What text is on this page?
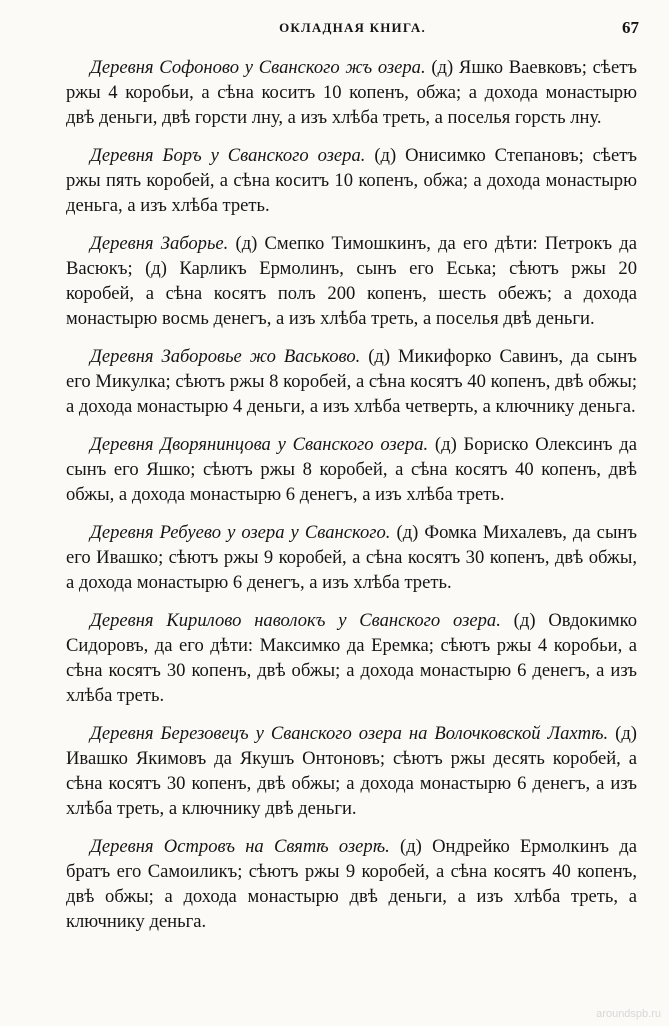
ОКЛАДНАЯ КНИГА.	67

Деревня Софоново у Сванского жъ озера. (д) Яшко Ваевковъ; сѣетъ ржы 4 коробьи, а сѣна коситъ 10 копенъ, обжа; а дохода монастырю двѣ деньги, двѣ горсти лну, а изъ хлѣба треть, а поселья горсть лну.

Деревня Боръ у Сванского озера. (д) Онисимко Степановъ; сѣетъ ржы пять коробей, а сѣна коситъ 10 копенъ, обжа; а дохода монастырю деньга, а изъ хлѣба треть.

Деревня Заборье. (д) Смепко Тимошкинъ, да его дѣти: Петрокъ да Васюкъ; (д) Карликъ Ермолинъ, сынъ его Еська; сѣютъ ржы 20 коробей, а сѣна косятъ полъ 200 копенъ, шесть обежъ; а дохода монастырю восмь денегъ, а изъ хлѣба треть, а поселья двѣ деньги.

Деревня Заборовье жо Васьково. (д) Микифорко Савинъ, да сынъ его Микулка; сѣютъ ржы 8 коробей, а сѣна косятъ 40 копенъ, двѣ обжы; а дохода монастырю 4 деньги, а изъ хлѣба четверть, а ключнику деньга.

Деревня Дворянинцова у Сванского озера. (д) Бориско Олексинъ да сынъ его Яшко; сѣютъ ржы 8 коробей, а сѣна косятъ 40 копенъ, двѣ обжы, а дохода монастырю 6 денегъ, а изъ хлѣба треть.

Деревня Ребуево у озера у Сванского. (д) Фомка Михалевъ, да сынъ его Ивашко; сѣютъ ржы 9 коробей, а сѣна косятъ 30 копенъ, двѣ обжы, а дохода монастырю 6 денегъ, а изъ хлѣба треть.

Деревня Кирилово наволокъ у Сванского озера. (д) Овдокимко Сидоровъ, да его дѣти: Максимко да Еремка; сѣютъ ржы 4 коробьи, а сѣна косятъ 30 копенъ, двѣ обжы; а дохода монастырю 6 денегъ, а изъ хлѣба треть.

Деревня Березовецъ у Сванского озера на Волочковской Лахтѣ. (д) Ивашко Якимовъ да Якушъ Онтоновъ; сѣютъ ржы десять коробей, а сѣна косятъ 30 копенъ, двѣ обжы; а дохода монастырю 6 денегъ, а изъ хлѣба треть, а ключнику двѣ деньги.

Деревня Островъ на Святѣ озерѣ. (д) Ондрейко Ермолкинъ да братъ его Самоиликъ; сѣютъ ржы 9 коробей, а сѣна косятъ 40 копенъ, двѣ обжы; а дохода монастырю двѣ деньги, а изъ хлѣба треть, а ключнику деньга.

aroundspb.ru
